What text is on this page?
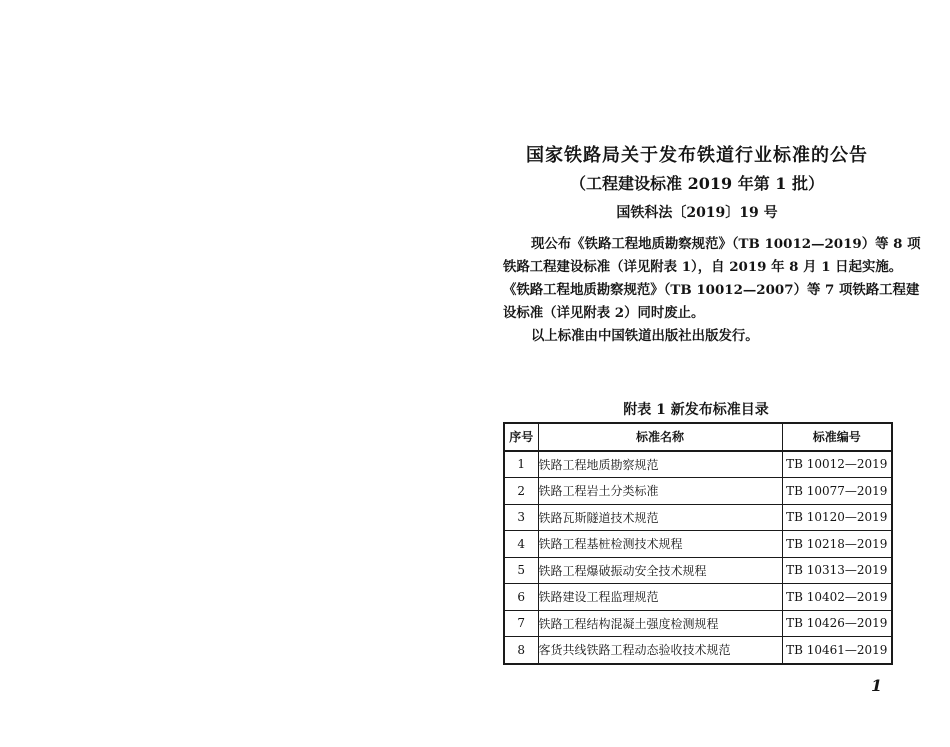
国家铁路局关于发布铁道行业标准的公告
（工程建设标准 2019 年第 1 批）
国铁科法〔2019〕19 号
现公布《铁路工程地质勘察规范》（TB 10012—2019）等 8 项
铁路工程建设标准（详见附表 1），自 2019 年 8 月 1 日起实施。
《铁路工程地质勘察规范》（TB 10012—2007）等 7 项铁路工程建
设标准（详见附表 2）同时废止。
以上标准由中国铁道出版社出版发行。
附表 1 新发布标准目录
序号	标准名称	标准编号
1	铁路工程地质勘察规范	TB 10012—2019
2	铁路工程岩土分类标准	TB 10077—2019
3	铁路瓦斯隧道技术规范	TB 10120—2019
4	铁路工程基桩检测技术规程	TB 10218—2019
5	铁路工程爆破振动安全技术规程	TB 10313—2019
6	铁路建设工程监理规范	TB 10402—2019
7	铁路工程结构混凝土强度检测规程	TB 10426—2019
8	客货共线铁路工程动态验收技术规范	TB 10461—2019
1
